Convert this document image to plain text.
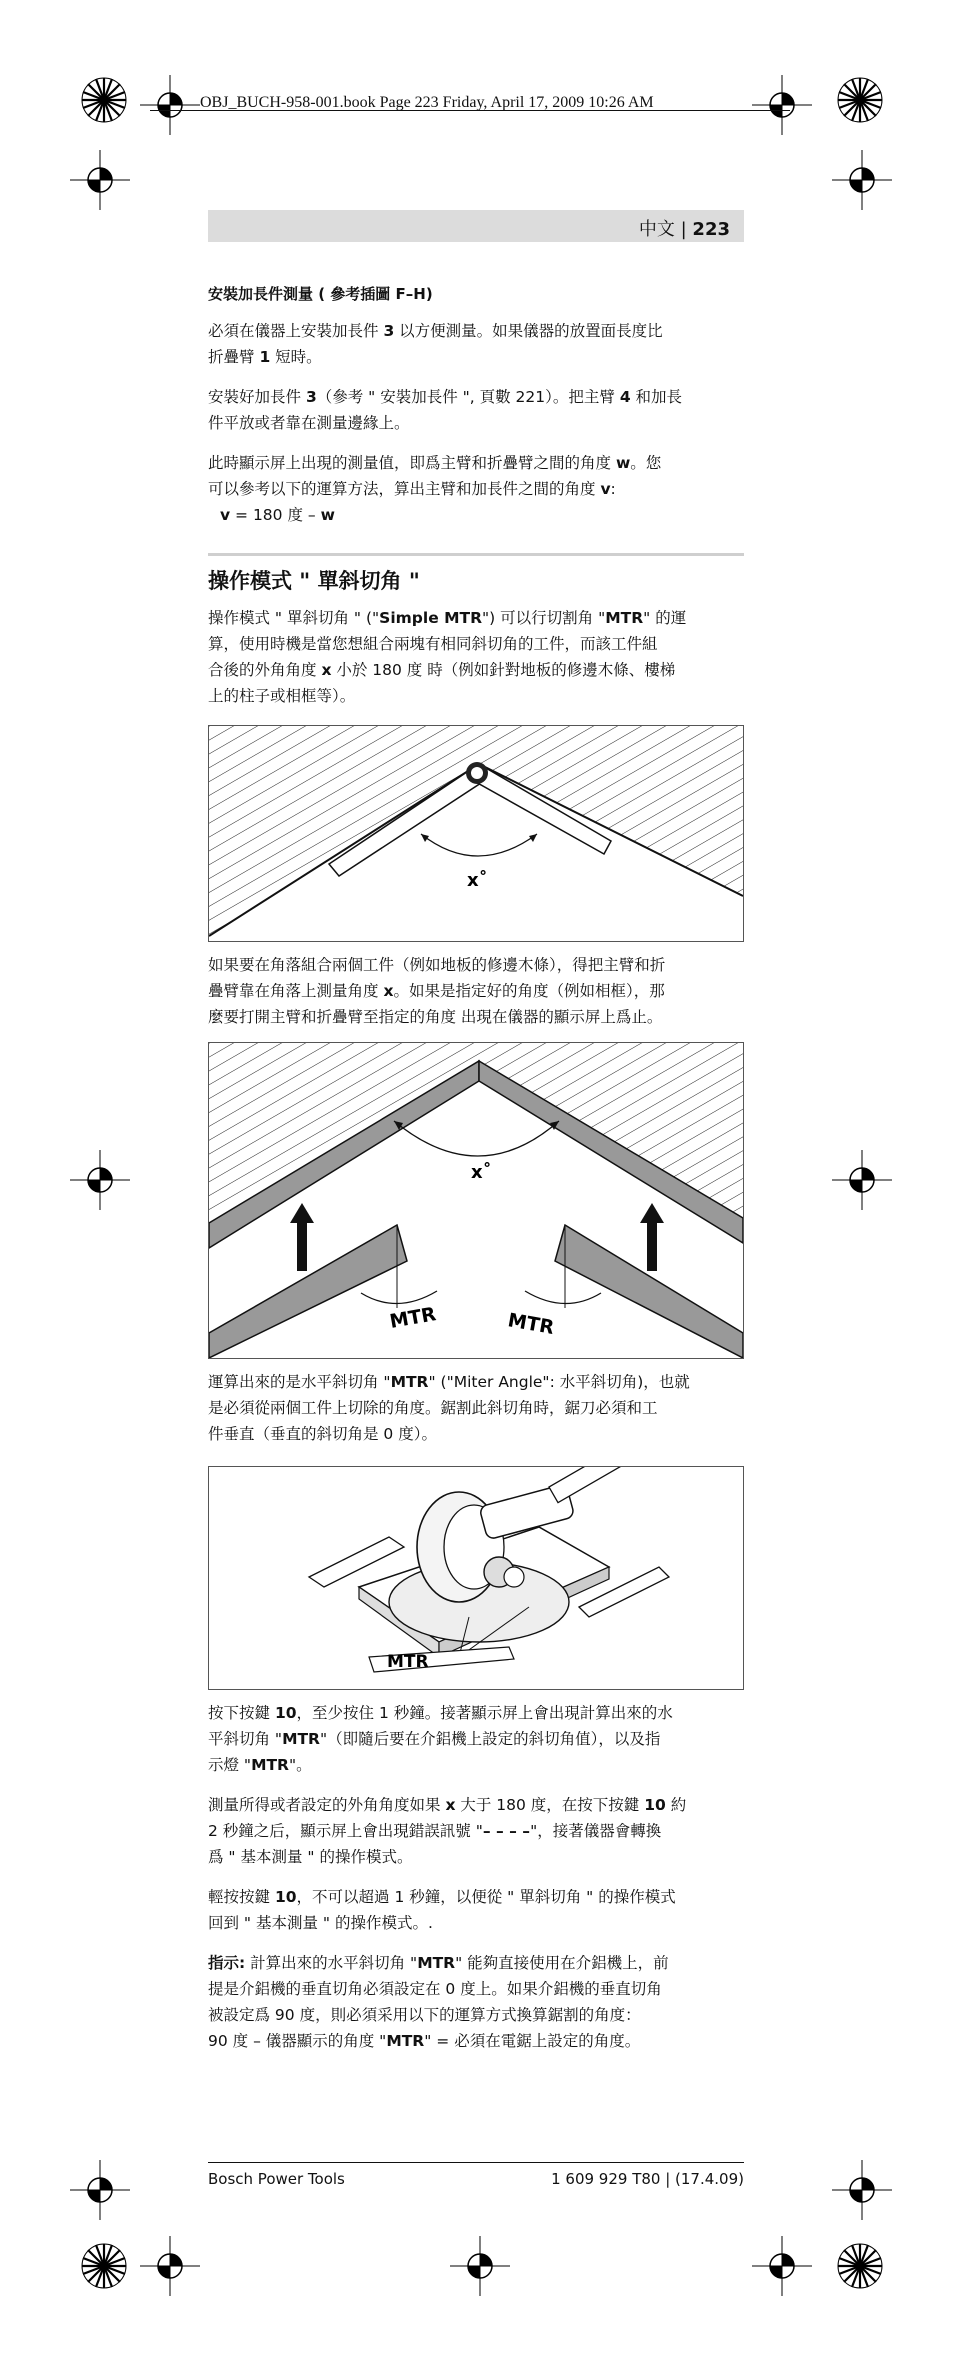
OBJ_BUCH-958-001.book Page 223 Friday, April 17, 2009 10:26 AM
中文 | 223
安裝加長件測量 ( 參考插圖 F–H)
必須在儀器上安裝加長件 3 以方便測量。如果儀器的放置面長度比
折疊臂 1 短時。
安裝好加長件 3（參考 " 安裝加長件 ", 頁數 221）。把主臂 4 和加長
件平放或者靠在測量邊緣上。
此時顯示屏上出現的測量值，即爲主臂和折疊臂之間的角度 w。您
可以參考以下的運算方法，算出主臂和加長件之間的角度 v:
v = 180 度 – w
操作模式 " 單斜切角 "
操作模式 " 單斜切角 " ("Simple MTR") 可以行切割角 "MTR" 的運
算，使用時機是當您想組合兩塊有相同斜切角的工件，而該工件組
合後的外角角度 x 小於 180 度 時（例如針對地板的修邊木條、樓梯
上的柱子或相框等）。
x˚
如果要在角落組合兩個工件（例如地板的修邊木條），得把主臂和折
疊臂靠在角落上測量角度 x。如果是指定好的角度（例如相框），那
麼要打開主臂和折疊臂至指定的角度 出現在儀器的顯示屏上爲止。
x˚
MTR	MTR
運算出來的是水平斜切角 "MTR" ("Miter Angle": 水平斜切角)，也就
是必須從兩個工件上切除的角度。鋸割此斜切角時，鋸刀必須和工
件垂直（垂直的斜切角是 0 度）。
MTR
按下按鍵 10，至少按住 1 秒鐘。接著顯示屏上會出現計算出來的水
平斜切角 "MTR"（即隨后要在介鋁機上設定的斜切角值），以及指
示燈 "MTR"。
測量所得或者設定的外角角度如果 x 大于 180 度，在按下按鍵 10 約
2 秒鐘之后，顯示屏上會出現錯誤訊號 "– – – –"，接著儀器會轉換
爲 " 基本測量 " 的操作模式。
輕按按鍵 10，不可以超過 1 秒鐘，以便從 " 單斜切角 " 的操作模式
回到 " 基本測量 " 的操作模式。.
指示: 計算出來的水平斜切角 "MTR" 能夠直接使用在介鋁機上，前
提是介鋁機的垂直切角必須設定在 0 度上。如果介鋁機的垂直切角
被設定爲 90 度，則必須采用以下的運算方式換算鋸割的角度：
90 度 – 儀器顯示的角度 "MTR" = 必須在電鋸上設定的角度。
Bosch Power Tools	1 609 929 T80 | (17.4.09)
